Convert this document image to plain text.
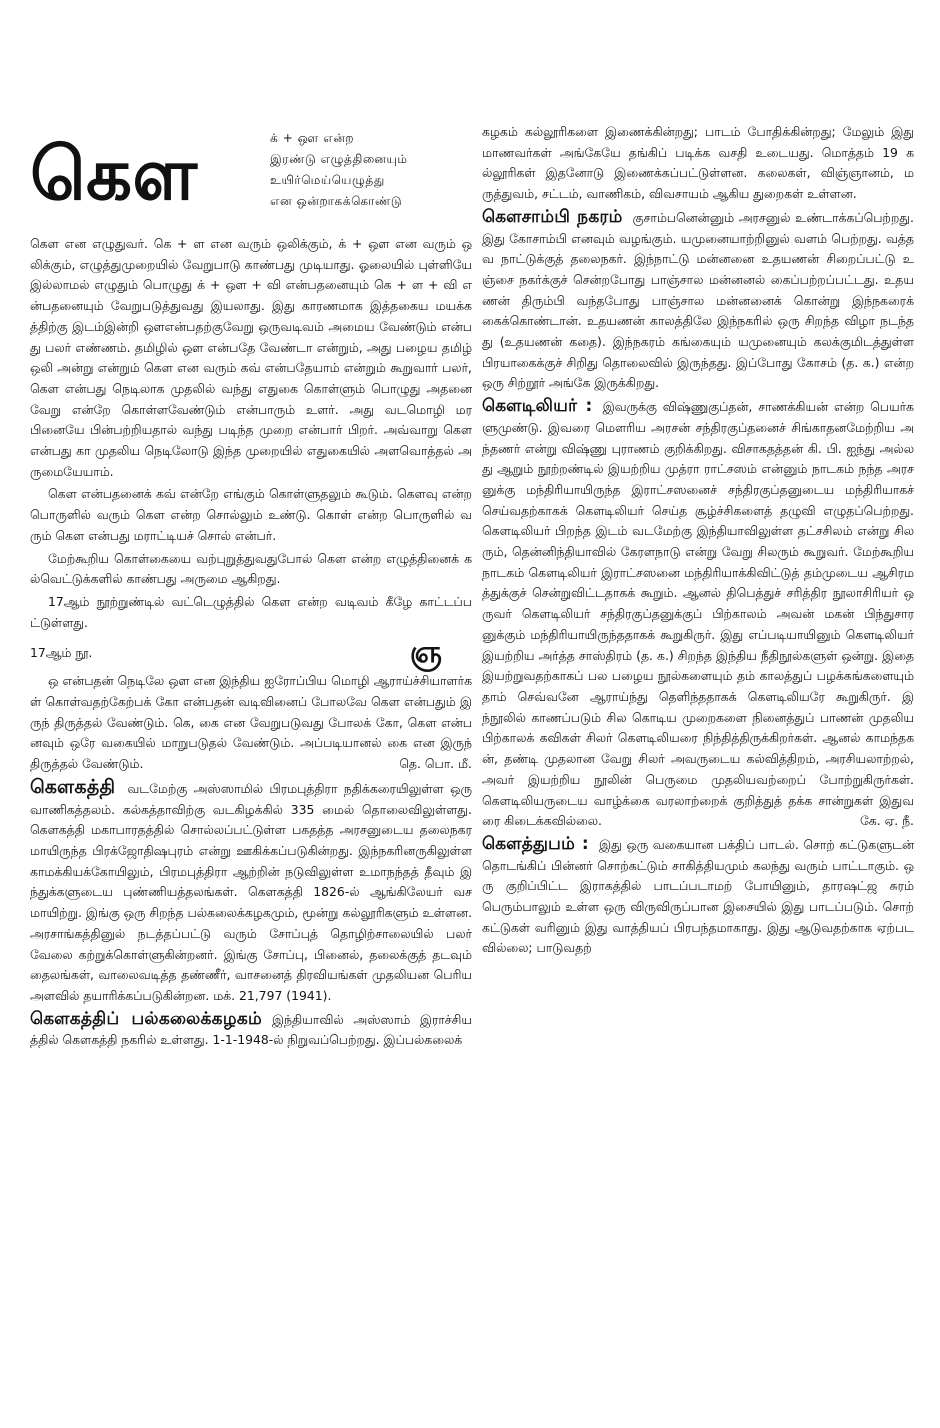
கௌ	க் + ஔ என்ற
இரண்டு எழுத்தினையும்
உயிர்மெய்யெழுத்து
என ஒன்றாகக்கொண்டு

கௌ என எழுதுவர். கெ + ள என வரும் ஒலிக்கும், க் + ஔ என வரும் ஒலிக்கும், எழுத்துமுறையில் வேறுபாடு காண்பது முடியாது. ஓலையில் புள்ளியே இல்லாமல் எழுதும் பொழுது க் + ஔ + வி என்பதனையும் கெ + ள + வி என்பதனையும் வேறுபடுத்துவது இயலாது. இது காரணமாக இத்தகைய மயக்கத்திற்கு இடம்இன்றி ஔஎன்பதற்குவேறு ஒருவடிவம் அமைய வேண்டும் என்பது பலர் எண்ணம். தமிழில் ஔ என்பதே வேண்டா என்றும், அது பழைய தமிழ் ஒலி அன்று என்றும் கௌ என வரும் கவ் என்பதேயாம் என்றும் கூறுவார் பலர், கௌ என்பது நெடிலாக முதலில் வந்து எதுகை கொள்ளும் பொழுது அதனை வேறு என்றே கொள்ளவேண்டும் என்பாரும் உளர். அது வடமொழி மரபினையே பின்பற்றியதால் வந்து படிந்த முறை என்பார் பிறர். அவ்வாறு கௌ என்பது கா முதலிய நெடிலோடு இந்த முறையில் எதுகையில் அளவொத்தல் அருமையேயாம்.

கௌ என்பதனைக் கவ் என்றே எங்கும் கொள்ளுதலும் கூடும். கௌவு என்ற பொருளில் வரும் கௌ என்ற சொல்லும் உண்டு. கொள் என்ற பொருளில் வரும் கௌ என்பது மராட்டியச் சொல் என்பர்.

மேற்கூறிய கொள்கையை வற்புறுத்துவதுபோல் கௌ என்ற எழுத்தினைக் கல்வெட்டுக்களில் காண்பது அருமை ஆகிறது.

17ஆம் நூற்றுண்டில் வட்டெழுத்தில் கௌ என்ற வடிவம் கீழே காட்டப்பட்டுள்ளது.

17ஆம் நூ.	ஞ

ஒ என்பதன் நெடிலே ஔ என இந்திய ஐரோப்பிய மொழி ஆராய்ச்சியாளர்கள் கொள்வதற்கேற்பக் கோ என்பதன் வடிவினைப் போலவே கௌ என்பதும் இருந் திருத்தல் வேண்டும். கெ, கை என வேறுபடுவது போலக் கோ, கௌ என்பனவும் ஒரே வகையில் மாறுபடுதல் வேண்டும். அப்படியானல் கை என இருந் திருத்தல் வேண்டும்.	தெ. பொ. மீ.

கௌகத்தி வடமேற்கு அஸ்ஸாமில் பிரமபுத்திரா நதிக்கரையிலுள்ள ஒரு வாணிகத்தலம். கல்கத்தாவிற்கு வடகிழக்கில் 335 மைல் தொலைவிலுள்ளது. கௌகத்தி மகாபாரதத்தில் சொல்லப்பட்டுள்ள பகதத்த அரசனுடைய தலைநகரமாயிருந்த பிரக்ஜோதிஷபுரம் என்று ஊகிக்கப்படுகின்றது. இந்நகரினருகிலுள்ள காமக்கியக்கோயிலும், பிரமபுத்திரா ஆற்றின் நடுவிலுள்ள உமாநந்தத் தீவும் இந்துக்களுடைய புண்ணியத்தலங்கள். கௌகத்தி 1826-ல் ஆங்கிலேயர் வசமாயிற்று. இங்கு ஒரு சிறந்த பல்கலைக்கழகமும், மூன்று கல்லூரிகளும் உள்ளன. அரசாங்கத்தினுல் நடத்தப்பட்டு வரும் சோப்புத் தொழிற்சாலையில் பலர் வேலை கற்றுக்கொள்ளுகின்றனர். இங்கு சோப்பு, பினைல், தலைக்குத் தடவும் தைலங்கள், வாலைவடித்த தண்ணீர், வாசனைத் திரவியங்கள் முதலியன பெரிய அளவில் தயாரிக்கப்படுகின்றன. மக். 21,797 (1941).

கௌகத்திப் பல்கலைக்கழகம் இந்தியாவில் அஸ்ஸாம் இராச்சியத்தில் கௌகத்தி நகரில் உள்ளது. 1-1-1948-ல் நிறுவப்பெற்றது. இப்பல்கலைக்

கழகம் கல்லூரிகளை இணைக்கின்றது; பாடம் போதிக்கின்றது; மேலும் இது மாணவர்கள் அங்கேயே தங்கிப் படிக்க வசதி உடையது. மொத்தம் 19 கல்லூரிகள் இதனோடு இணைக்கப்பட்டுள்ளன. கலைகள், விஞ்ஞானம், மருத்துவம், சட்டம், வாணிகம், விவசாயம் ஆகிய துறைகள் உள்ளன.

கௌசாம்பி நகரம் குசாம்பனென்னும் அரசனுல் உண்டாக்கப்பெற்றது. இது கோசாம்பி எனவும் வழங்கும். யமுனையாற்றினுல் வளம் பெற்றது. வத்தவ நாட்டுக்குத் தலைநகர். இந்நாட்டு மன்னனை உதயணன் சிறைப்பட்டு உஞ்சை நகர்க்குச் சென்றபோது பாஞ்சால மன்னனல் கைப்பற்றப்பட்டது. உதயணன் திரும்பி வந்தபோது பாஞ்சால மன்னனைக் கொன்று இந்நகரைக் கைக்கொண்டான். உதயணன் காலத்திலே இந்நகரில் ஒரு சிறந்த விழா நடந்தது (உதயணன் கதை). இந்நகரம் கங்கையும் யமுனையும் கலக்குமிடத்துள்ள பிரயாகைக்குச் சிறிது தொலைவில் இருந்தது. இப்போது கோசம் (த. க.) என்ற ஒரு சிற்றூர் அங்கே இருக்கிறது.

கௌடிலியர் : இவருக்கு விஷ்ணுகுப்தன், சாணக்கியன் என்ற பெயர்களுமுண்டு. இவரை மௌரிய அரசன் சந்திரகுப்தனைச் சிங்காதனமேற்றிய அந்தணர் என்று விஷ்ணு புராணம் குறிக்கிறது. விசாகதத்தன் கி. பி. ஐந்து அல்லது ஆறும் நூற்றண்டில் இயற்றிய முத்ரா ராட்சஸம் என்னும் நாடகம் நந்த அரசனுக்கு மந்திரியாயிருந்த இராட்சஸனைச் சந்திரகுப்தனுடைய மந்திரியாகச் செய்வதற்காகக் கௌடிலியர் செய்த சூழ்ச்சிகளைத் தழுவி எழுதப்பெற்றது. கௌடிலியர் பிறந்த இடம் வடமேற்கு இந்தியாவிலுள்ள தட்சசிலம் என்று சிலரும், தென்னிந்தியாவில் கேரளநாடு என்று வேறு சிலரும் கூறுவர். மேற்கூறிய நாடகம் கௌடிலியர் இராட்சஸனை மந்திரியாக்கிவிட்டுத் தம்முடைய ஆசிரமத்துக்குச் சென்றுவிட்டதாகக் கூறும். ஆனல் திபெத்துச் சரித்திர நூலாசிரியர் ஒருவர் கௌடிலியர் சந்திரகுப்தனுக்குப் பிற்காலம் அவன் மகன் பிந்துசாரனுக்கும் மந்திரியாயிருந்ததாகக் கூறுகிருர். இது எப்படியாயினும் கௌடிலியர் இயற்றிய அர்த்த சாஸ்திரம் (த. க.) சிறந்த இந்திய நீதிநூல்களுள் ஒன்று. இதை இயற்றுவதற்காகப் பல பழைய நூல்களையும் தம் காலத்துப் பழக்கங்களையும் தாம் செவ்வனே ஆராய்ந்து தெளிந்ததாகக் கௌடிலியரே கூறுகிருர். இந்நூலில் காணப்படும் சில கொடிய முறைகளை நினைத்துப் பாணன் முதலிய பிற்காலக் கவிகள் சிலர் கௌடிலியரை நிந்தித்திருக்கிறர்கள். ஆனல் காமந்தகன், தண்டி முதலான வேறு சிலர் அவருடைய கல்வித்திறம், அரசியலாற்றல், அவர் இயற்றிய நூலின் பெருமை முதலியவற்றைப் போற்றுகிருர்கள். கௌடிலியருடைய வாழ்க்கை வரலாற்றைக் குறித்துத் தக்க சான்றுகள் இதுவரை கிடைக்கவில்லை.	கே. ஏ. நீ.

கௌத்துபம் : இது ஒரு வகையான பக்திப் பாடல். சொற் கட்டுகளுடன் தொடங்கிப் பின்னர் சொற்கட்டும் சாகித்தியமும் கலந்து வரும் பாட்டாகும். ஒரு குறிப்பிட்ட இராகத்தில் பாடப்படாமற் போயினும், தாரஷட்ஜ சுரம் பெரும்பாலும் உள்ள ஒரு விருவிருப்பான இசையில் இது பாடப்படும். சொற் கட்டுகள் வரினும் இது வாத்தியப் பிரபந்தமாகாது. இது ஆடுவதற்காக ஏற்படவில்லை; பாடுவதற்
